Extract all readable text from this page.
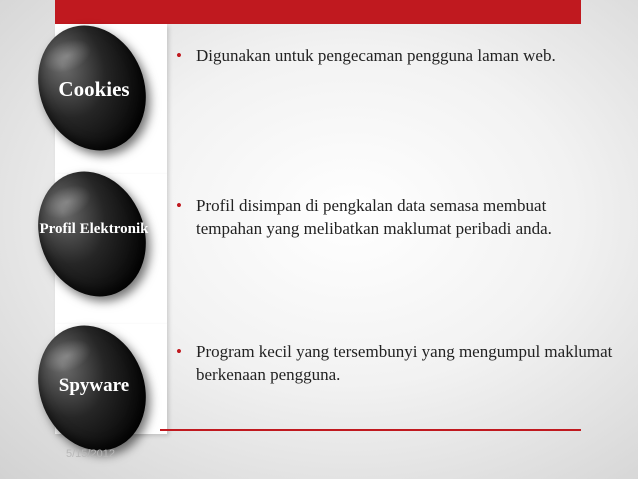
Cookies
• Digunakan untuk pengecaman pengguna laman web.
Profil Elektronik
• Profil disimpan di pengkalan data semasa membuat tempahan yang melibatkan maklumat peribadi anda.
Spyware
• Program kecil yang tersembunyi yang mengumpul maklumat berkenaan pengguna.
5/15/2012
